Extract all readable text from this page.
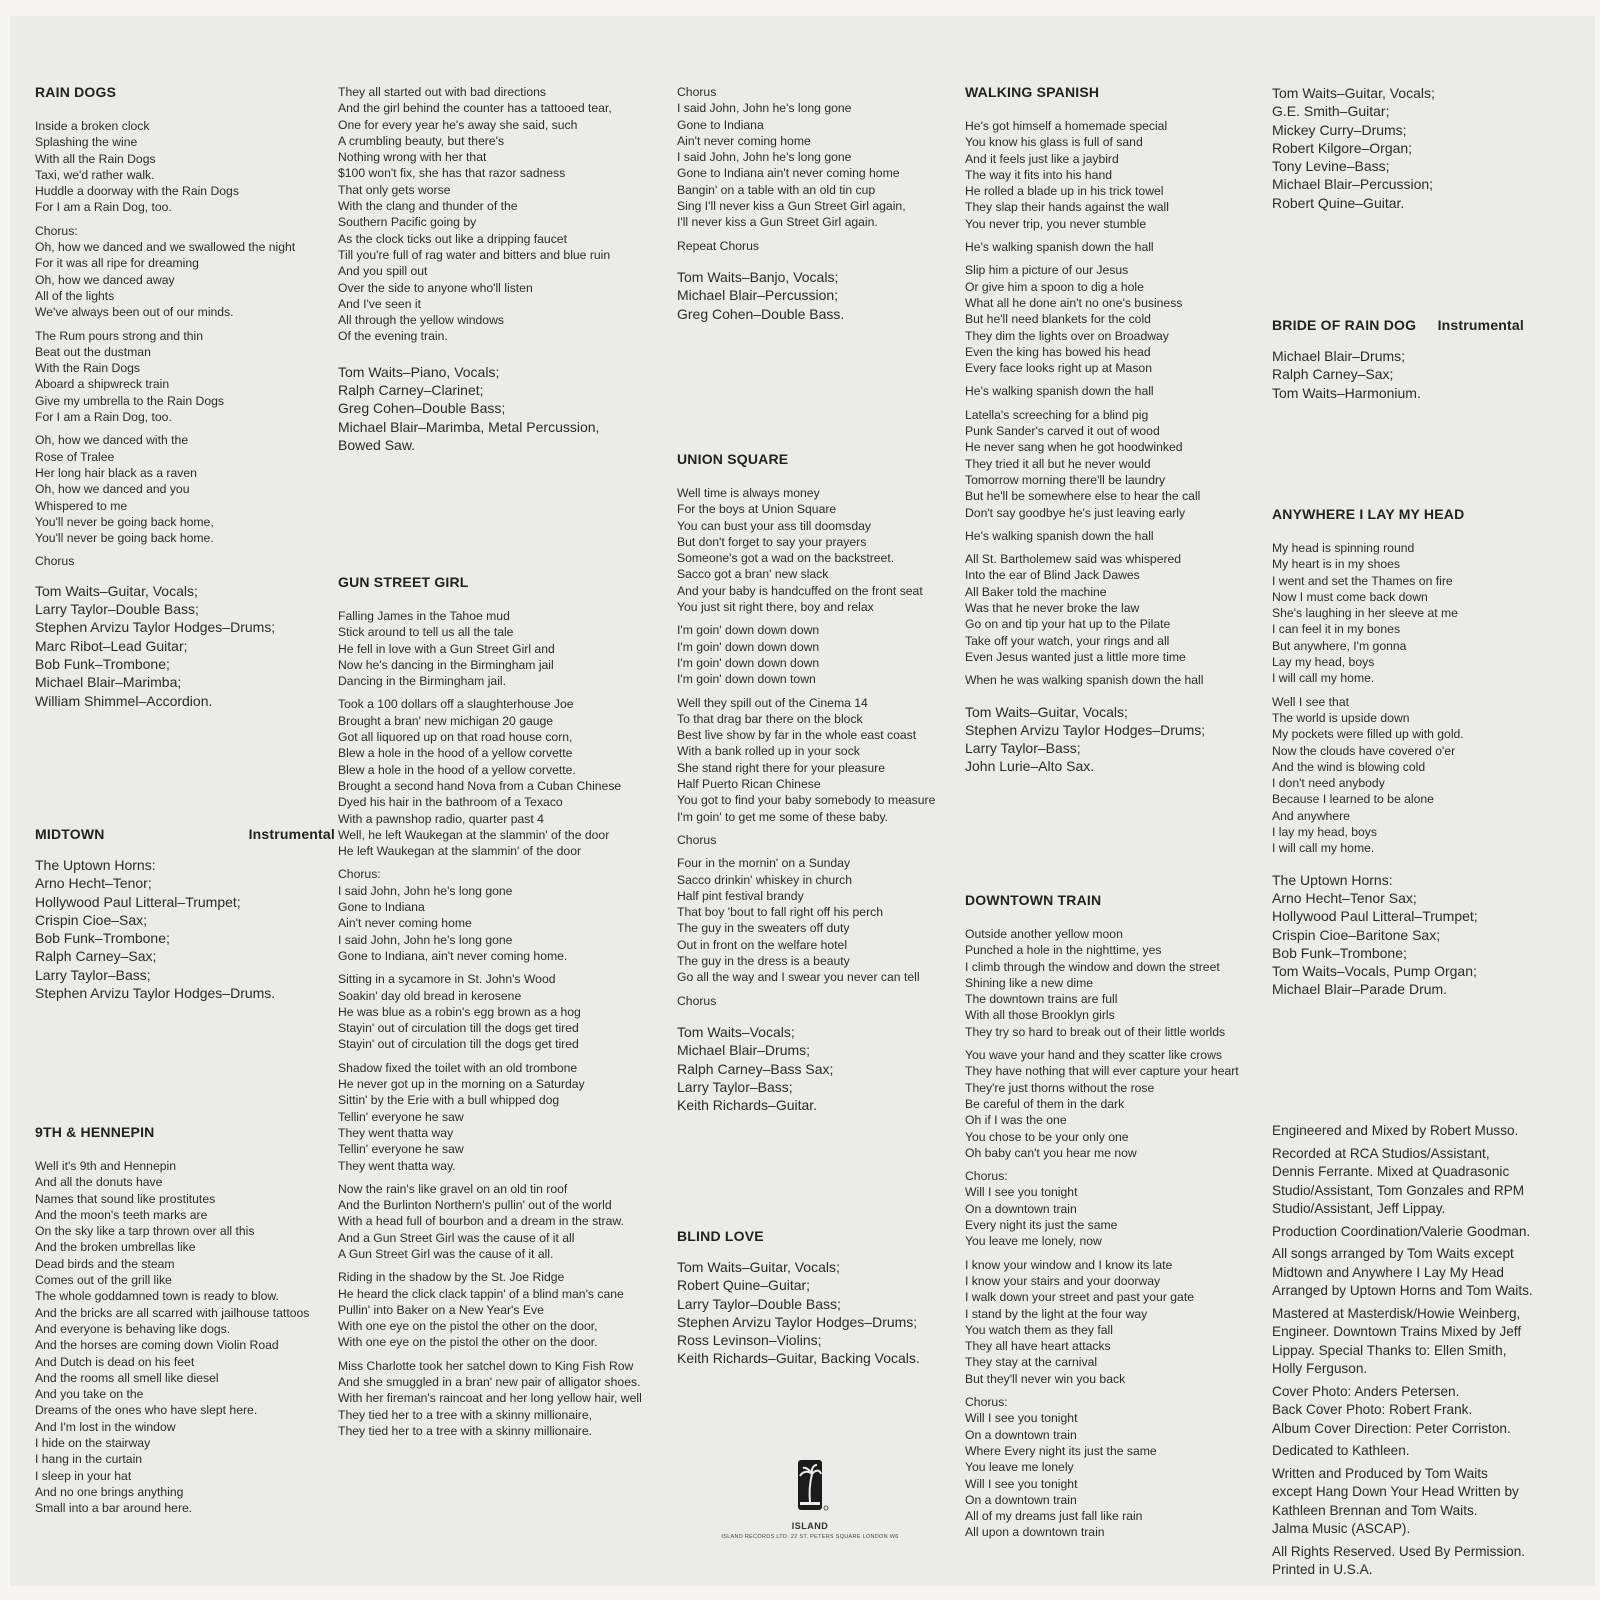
RAIN DOGS
Inside a broken clock
Splashing the wine
With all the Rain Dogs
Taxi, we'd rather walk.
Huddle a doorway with the Rain Dogs
For I am a Rain Dog, too.
Chorus:
Oh, how we danced and we swallowed the night
For it was all ripe for dreaming
Oh, how we danced away
All of the lights
We've always been out of our minds.
The Rum pours strong and thin
Beat out the dustman
With the Rain Dogs
Aboard a shipwreck train
Give my umbrella to the Rain Dogs
For I am a Rain Dog, too.
Oh, how we danced with the
Rose of Tralee
Her long hair black as a raven
Oh, how we danced and you
Whispered to me
You'll never be going back home,
You'll never be going back home.
Chorus
Tom Waits–Guitar, Vocals;
Larry Taylor–Double Bass;
Stephen Arvizu Taylor Hodges–Drums;
Marc Ribot–Lead Guitar;
Bob Funk–Trombone;
Michael Blair–Marimba;
William Shimmel–Accordion.
MIDTOWN	Instrumental
The Uptown Horns:
Arno Hecht–Tenor;
Hollywood Paul Litteral–Trumpet;
Crispin Cioe–Sax;
Bob Funk–Trombone;
Ralph Carney–Sax;
Larry Taylor–Bass;
Stephen Arvizu Taylor Hodges–Drums.
9TH & HENNEPIN
Well it's 9th and Hennepin
And all the donuts have
Names that sound like prostitutes
And the moon's teeth marks are
On the sky like a tarp thrown over all this
And the broken umbrellas like
Dead birds and the steam
Comes out of the grill like
The whole goddamned town is ready to blow.
And the bricks are all scarred with jailhouse tattoos
And everyone is behaving like dogs.
And the horses are coming down Violin Road
And Dutch is dead on his feet
And the rooms all smell like diesel
And you take on the
Dreams of the ones who have slept here.
And I'm lost in the window
I hide on the stairway
I hang in the curtain
I sleep in your hat
And no one brings anything
Small into a bar around here.
They all started out with bad directions
And the girl behind the counter has a tattooed tear,
One for every year he's away she said, such
A crumbling beauty, but there's
Nothing wrong with her that
$100 won't fix, she has that razor sadness
That only gets worse
With the clang and thunder of the
Southern Pacific going by
As the clock ticks out like a dripping faucet
Till you're full of rag water and bitters and blue ruin
And you spill out
Over the side to anyone who'll listen
And I've seen it
All through the yellow windows
Of the evening train.
Tom Waits–Piano, Vocals;
Ralph Carney–Clarinet;
Greg Cohen–Double Bass;
Michael Blair–Marimba, Metal Percussion,
Bowed Saw.
GUN STREET GIRL
Falling James in the Tahoe mud
Stick around to tell us all the tale
He fell in love with a Gun Street Girl and
Now he's dancing in the Birmingham jail
Dancing in the Birmingham jail.
Took a 100 dollars off a slaughterhouse Joe
Brought a bran' new michigan 20 gauge
Got all liquored up on that road house corn,
Blew a hole in the hood of a yellow corvette
Blew a hole in the hood of a yellow corvette.
Brought a second hand Nova from a Cuban Chinese
Dyed his hair in the bathroom of a Texaco
With a pawnshop radio, quarter past 4
Well, he left Waukegan at the slammin' of the door
He left Waukegan at the slammin' of the door
Chorus:
I said John, John he's long gone
Gone to Indiana
Ain't never coming home
I said John, John he's long gone
Gone to Indiana, ain't never coming home.
Sitting in a sycamore in St. John's Wood
Soakin' day old bread in kerosene
He was blue as a robin's egg brown as a hog
Stayin' out of circulation till the dogs get tired
Stayin' out of circulation till the dogs get tired
Shadow fixed the toilet with an old trombone
He never got up in the morning on a Saturday
Sittin' by the Erie with a bull whipped dog
Tellin' everyone he saw
They went thatta way
Tellin' everyone he saw
They went thatta way.
Now the rain's like gravel on an old tin roof
And the Burlinton Northern's pullin' out of the world
With a head full of bourbon and a dream in the straw.
And a Gun Street Girl was the cause of it all
A Gun Street Girl was the cause of it all.
Riding in the shadow by the St. Joe Ridge
He heard the click clack tappin' of a blind man's cane
Pullin' into Baker on a New Year's Eve
With one eye on the pistol the other on the door,
With one eye on the pistol the other on the door.
Miss Charlotte took her satchel down to King Fish Row
And she smuggled in a bran' new pair of alligator shoes.
With her fireman's raincoat and her long yellow hair, well
They tied her to a tree with a skinny millionaire,
They tied her to a tree with a skinny millionaire.
Chorus
I said John, John he's long gone
Gone to Indiana
Ain't never coming home
I said John, John he's long gone
Gone to Indiana ain't never coming home
Bangin' on a table with an old tin cup
Sing I'll never kiss a Gun Street Girl again,
I'll never kiss a Gun Street Girl again.
Repeat Chorus
Tom Waits–Banjo, Vocals;
Michael Blair–Percussion;
Greg Cohen–Double Bass.
UNION SQUARE
Well time is always money
For the boys at Union Square
You can bust your ass till doomsday
But don't forget to say your prayers
Someone's got a wad on the backstreet.
Sacco got a bran' new slack
And your baby is handcuffed on the front seat
You just sit right there, boy and relax
I'm goin' down down down
I'm goin' down down down
I'm goin' down down down
I'm goin' down down town
Well they spill out of the Cinema 14
To that drag bar there on the block
Best live show by far in the whole east coast
With a bank rolled up in your sock
She stand right there for your pleasure
Half Puerto Rican Chinese
You got to find your baby somebody to measure
I'm goin' to get me some of these baby.
Chorus
Four in the mornin' on a Sunday
Sacco drinkin' whiskey in church
Half pint festival brandy
That boy 'bout to fall right off his perch
The guy in the sweaters off duty
Out in front on the welfare hotel
The guy in the dress is a beauty
Go all the way and I swear you never can tell
Chorus
Tom Waits–Vocals;
Michael Blair–Drums;
Ralph Carney–Bass Sax;
Larry Taylor–Bass;
Keith Richards–Guitar.
BLIND LOVE
Tom Waits–Guitar, Vocals;
Robert Quine–Guitar;
Larry Taylor–Double Bass;
Stephen Arvizu Taylor Hodges–Drums;
Ross Levinson–Violins;
Keith Richards–Guitar, Backing Vocals.
WALKING SPANISH
He's got himself a homemade special
You know his glass is full of sand
And it feels just like a jaybird
The way it fits into his hand
He rolled a blade up in his trick towel
They slap their hands against the wall
You never trip, you never stumble
He's walking spanish down the hall
Slip him a picture of our Jesus
Or give him a spoon to dig a hole
What all he done ain't no one's business
But he'll need blankets for the cold
They dim the lights over on Broadway
Even the king has bowed his head
Every face looks right up at Mason
He's walking spanish down the hall
Latella's screeching for a blind pig
Punk Sander's carved it out of wood
He never sang when he got hoodwinked
They tried it all but he never would
Tomorrow morning there'll be laundry
But he'll be somewhere else to hear the call
Don't say goodbye he's just leaving early
He's walking spanish down the hall
All St. Bartholemew said was whispered
Into the ear of Blind Jack Dawes
All Baker told the machine
Was that he never broke the law
Go on and tip your hat up to the Pilate
Take off your watch, your rings and all
Even Jesus wanted just a little more time
When he was walking spanish down the hall
Tom Waits–Guitar, Vocals;
Stephen Arvizu Taylor Hodges–Drums;
Larry Taylor–Bass;
John Lurie–Alto Sax.
DOWNTOWN TRAIN
Outside another yellow moon
Punched a hole in the nighttime, yes
I climb through the window and down the street
Shining like a new dime
The downtown trains are full
With all those Brooklyn girls
They try so hard to break out of their little worlds
You wave your hand and they scatter like crows
They have nothing that will ever capture your heart
They're just thorns without the rose
Be careful of them in the dark
Oh if I was the one
You chose to be your only one
Oh baby can't you hear me now
Chorus:
Will I see you tonight
On a downtown train
Every night its just the same
You leave me lonely, now
I know your window and I know its late
I know your stairs and your doorway
I walk down your street and past your gate
I stand by the light at the four way
You watch them as they fall
They all have heart attacks
They stay at the carnival
But they'll never win you back
Chorus:
Will I see you tonight
On a downtown train
Where Every night its just the same
You leave me lonely
Will I see you tonight
On a downtown train
All of my dreams just fall like rain
All upon a downtown train
Tom Waits–Guitar, Vocals;
G.E. Smith–Guitar;
Mickey Curry–Drums;
Robert Kilgore–Organ;
Tony Levine–Bass;
Michael Blair–Percussion;
Robert Quine–Guitar.
BRIDE OF RAIN DOG Instrumental
Michael Blair–Drums;
Ralph Carney–Sax;
Tom Waits–Harmonium.
ANYWHERE I LAY MY HEAD
My head is spinning round
My heart is in my shoes
I went and set the Thames on fire
Now I must come back down
She's laughing in her sleeve at me
I can feel it in my bones
But anywhere, I'm gonna
Lay my head, boys
I will call my home.
Well I see that
The world is upside down
My pockets were filled up with gold.
Now the clouds have covered o'er
And the wind is blowing cold
I don't need anybody
Because I learned to be alone
And anywhere
I lay my head, boys
I will call my home.
The Uptown Horns:
Arno Hecht–Tenor Sax;
Hollywood Paul Litteral–Trumpet;
Crispin Cioe–Baritone Sax;
Bob Funk–Trombone;
Tom Waits–Vocals, Pump Organ;
Michael Blair–Parade Drum.

Engineered and Mixed by Robert Musso.

Recorded at RCA Studios/Assistant,
Dennis Ferrante. Mixed at Quadrasonic
Studio/Assistant, Tom Gonzales and RPM
Studio/Assistant, Jeff Lippay.

Production Coordination/Valerie Goodman.

All songs arranged by Tom Waits except
Midtown and Anywhere I Lay My Head
Arranged by Uptown Horns and Tom Waits.

Mastered at Masterdisk/Howie Weinberg,
Engineer. Downtown Trains Mixed by Jeff
Lippay. Special Thanks to: Ellen Smith,
Holly Ferguson.

Cover Photo: Anders Petersen.
Back Cover Photo: Robert Frank.
Album Cover Direction: Peter Corriston.

Dedicated to Kathleen.

Written and Produced by Tom Waits
except Hang Down Your Head Written by
Kathleen Brennan and Tom Waits.
Jalma Music (ASCAP).

All Rights Reserved. Used By Permission.
Printed in U.S.A.

ISLAND
ISLAND RECORDS LTD. 22 ST. PETERS SQUARE LONDON W6
